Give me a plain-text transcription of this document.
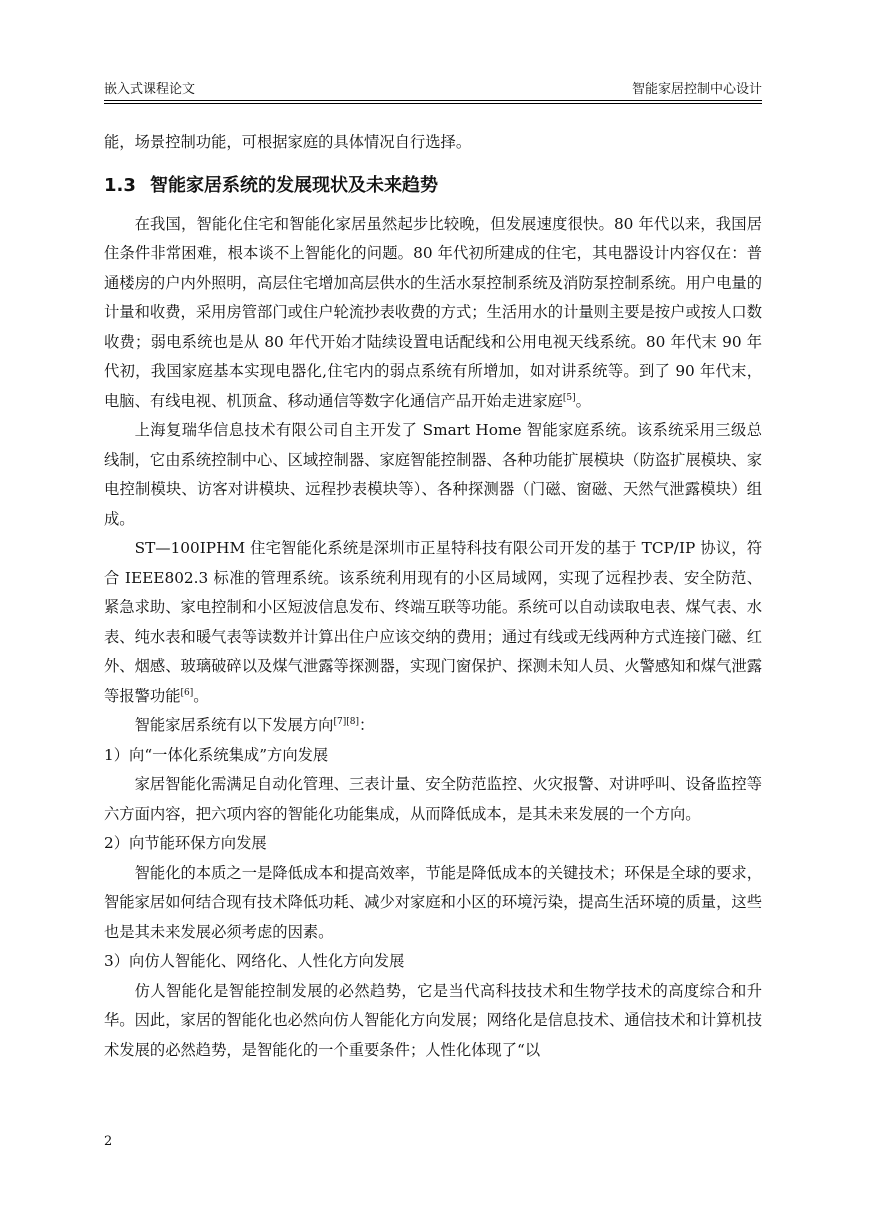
嵌入式课程论文	智能家居控制中心设计

能，场景控制功能，可根据家庭的具体情况自行选择。

1.3 智能家居系统的发展现状及未来趋势

在我国，智能化住宅和智能化家居虽然起步比较晚，但发展速度很快。80 年代以来，我国居住条件非常困难，根本谈不上智能化的问题。80 年代初所建成的住宅，其电器设计内容仅在：普通楼房的户内外照明，高层住宅增加高层供水的生活水泵控制系统及消防泵控制系统。用户电量的计量和收费，采用房管部门或住户轮流抄表收费的方式；生活用水的计量则主要是按户或按人口数收费；弱电系统也是从 80 年代开始才陆续设置电话配线和公用电视天线系统。80 年代末 90 年代初，我国家庭基本实现电器化,住宅内的弱点系统有所增加，如对讲系统等。到了 90 年代末，电脑、有线电视、机顶盒、移动通信等数字化通信产品开始走进家庭[5]。

上海复瑞华信息技术有限公司自主开发了 Smart Home 智能家庭系统。该系统采用三级总线制，它由系统控制中心、区域控制器、家庭智能控制器、各种功能扩展模块（防盗扩展模块、家电控制模块、访客对讲模块、远程抄表模块等）、各种探测器（门磁、窗磁、天然气泄露模块）组成。

ST—100IPHM 住宅智能化系统是深圳市正星特科技有限公司开发的基于 TCP/IP 协议，符合 IEEE802.3 标准的管理系统。该系统利用现有的小区局域网，实现了远程抄表、安全防范、紧急求助、家电控制和小区短波信息发布、终端互联等功能。系统可以自动读取电表、煤气表、水表、纯水表和暖气表等读数并计算出住户应该交纳的费用；通过有线或无线两种方式连接门磁、红外、烟感、玻璃破碎以及煤气泄露等探测器，实现门窗保护、探测未知人员、火警感知和煤气泄露等报警功能[6]。

智能家居系统有以下发展方向[7][8]：

1）向“一体化系统集成”方向发展

家居智能化需满足自动化管理、三表计量、安全防范监控、火灾报警、对讲呼叫、设备监控等六方面内容，把六项内容的智能化功能集成，从而降低成本，是其未来发展的一个方向。

2）向节能环保方向发展

智能化的本质之一是降低成本和提高效率，节能是降低成本的关键技术；环保是全球的要求，智能家居如何结合现有技术降低功耗、减少对家庭和小区的环境污染，提高生活环境的质量，这些也是其未来发展必须考虑的因素。

3）向仿人智能化、网络化、人性化方向发展

仿人智能化是智能控制发展的必然趋势，它是当代高科技技术和生物学技术的高度综合和升华。因此，家居的智能化也必然向仿人智能化方向发展；网络化是信息技术、通信技术和计算机技术发展的必然趋势，是智能化的一个重要条件；人性化体现了“以

2
